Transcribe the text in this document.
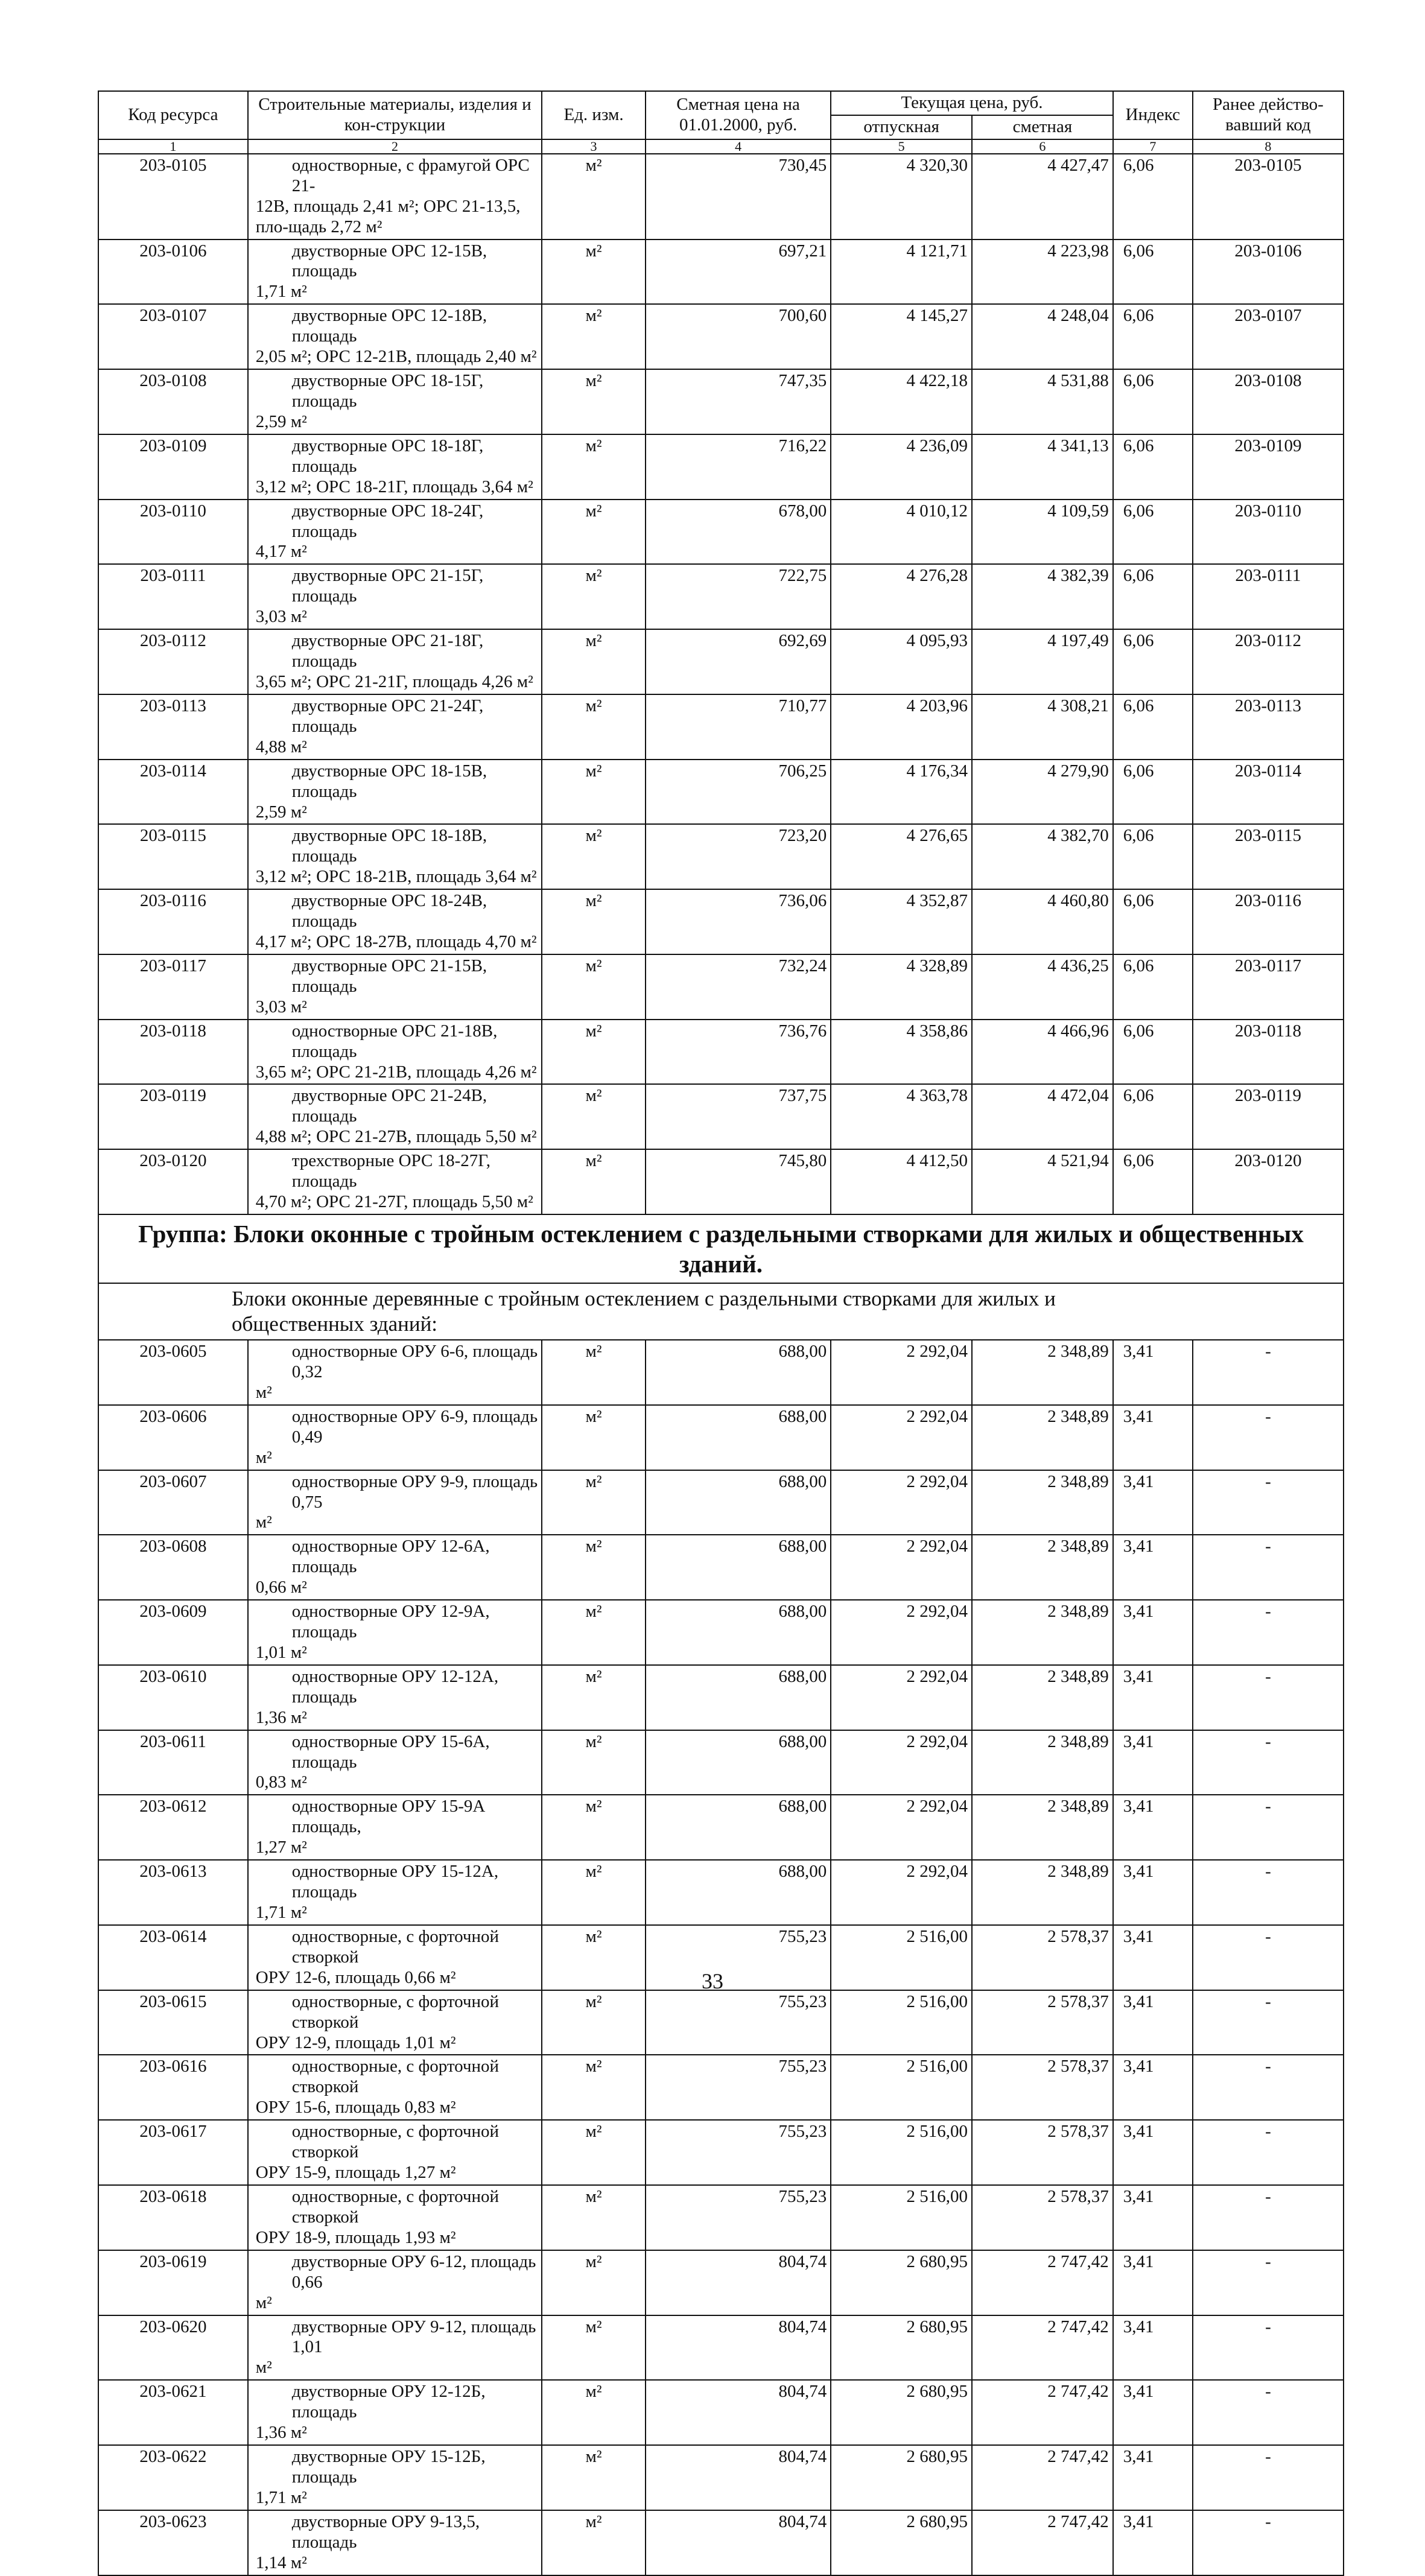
Код ресурса	Строительные материалы, изделия и кон-струкции	Ед. изм.	Сметная цена на 01.01.2000, руб.	Текущая цена, руб.		Индекс	Ранее действо-вавший код
				отпускная	сметная		
1	2	3	4	5	6	7	8
203-0105	одностворные, с фрамугой ОРС 21-
12В, площадь 2,41 м²; ОРС 21-13,5, пло-щадь 2,72 м²	м²	730,45	4 320,30	4 427,47	6,06	203-0105
203-0106	двустворные ОРС 12-15В, площадь
1,71 м²	м²	697,21	4 121,71	4 223,98	6,06	203-0106
203-0107	двустворные ОРС 12-18В, площадь
2,05 м²; ОРС 12-21В, площадь 2,40 м²	м²	700,60	4 145,27	4 248,04	6,06	203-0107
203-0108	двустворные ОРС 18-15Г, площадь
2,59 м²	м²	747,35	4 422,18	4 531,88	6,06	203-0108
203-0109	двустворные ОРС 18-18Г, площадь
3,12 м²; ОРС 18-21Г, площадь 3,64 м²	м²	716,22	4 236,09	4 341,13	6,06	203-0109
203-0110	двустворные ОРС 18-24Г, площадь
4,17 м²	м²	678,00	4 010,12	4 109,59	6,06	203-0110
203-0111	двустворные ОРС 21-15Г, площадь
3,03 м²	м²	722,75	4 276,28	4 382,39	6,06	203-0111
203-0112	двустворные ОРС 21-18Г, площадь
3,65 м²; ОРС 21-21Г, площадь 4,26 м²	м²	692,69	4 095,93	4 197,49	6,06	203-0112
203-0113	двустворные ОРС 21-24Г, площадь
4,88 м²	м²	710,77	4 203,96	4 308,21	6,06	203-0113
203-0114	двустворные ОРС 18-15В, площадь
2,59 м²	м²	706,25	4 176,34	4 279,90	6,06	203-0114
203-0115	двустворные ОРС 18-18В, площадь
3,12 м²; ОРС 18-21В, площадь 3,64 м²	м²	723,20	4 276,65	4 382,70	6,06	203-0115
203-0116	двустворные ОРС 18-24В, площадь
4,17 м²; ОРС 18-27В, площадь 4,70 м²	м²	736,06	4 352,87	4 460,80	6,06	203-0116
203-0117	двустворные ОРС 21-15В, площадь
3,03 м²	м²	732,24	4 328,89	4 436,25	6,06	203-0117
203-0118	одностворные ОРС 21-18В, площадь
3,65 м²; ОРС 21-21В, площадь 4,26 м²	м²	736,76	4 358,86	4 466,96	6,06	203-0118
203-0119	двустворные ОРС 21-24В, площадь
4,88 м²; ОРС 21-27В, площадь 5,50 м²	м²	737,75	4 363,78	4 472,04	6,06	203-0119
203-0120	трехстворные ОРС 18-27Г, площадь
4,70 м²; ОРС 21-27Г, площадь 5,50 м²	м²	745,80	4 412,50	4 521,94	6,06	203-0120
Группа: Блоки оконные с тройным остеклением с раздельными створками для жилых и общественных зданий.							

Блоки оконные деревянные с тройным остеклением с раздельными створками для жилых и
общественных зданий:							

203-0605	одностворные ОРУ 6-6, площадь 0,32
м²	м²	688,00	2 292,04	2 348,89	3,41	-
203-0606	одностворные ОРУ 6-9, площадь 0,49
м²	м²	688,00	2 292,04	2 348,89	3,41	-
203-0607	одностворные ОРУ 9-9, площадь 0,75
м²	м²	688,00	2 292,04	2 348,89	3,41	-
203-0608	одностворные ОРУ 12-6А, площадь
0,66 м²	м²	688,00	2 292,04	2 348,89	3,41	-
203-0609	одностворные ОРУ 12-9А, площадь
1,01 м²	м²	688,00	2 292,04	2 348,89	3,41	-
203-0610	одностворные ОРУ 12-12А, площадь
1,36 м²	м²	688,00	2 292,04	2 348,89	3,41	-
203-0611	одностворные ОРУ 15-6А, площадь
0,83 м²	м²	688,00	2 292,04	2 348,89	3,41	-
203-0612	одностворные ОРУ 15-9А площадь,
1,27 м²	м²	688,00	2 292,04	2 348,89	3,41	-
203-0613	одностворные ОРУ 15-12А, площадь
1,71 м²	м²	688,00	2 292,04	2 348,89	3,41	-
203-0614	одностворные, с форточной створкой
ОРУ 12-6, площадь 0,66 м²	м²	755,23	2 516,00	2 578,37	3,41	-
203-0615	одностворные, с форточной створкой
ОРУ 12-9, площадь 1,01 м²	м²	755,23	2 516,00	2 578,37	3,41	-
203-0616	одностворные, с форточной створкой
ОРУ 15-6, площадь 0,83 м²	м²	755,23	2 516,00	2 578,37	3,41	-
203-0617	одностворные, с форточной створкой
ОРУ 15-9, площадь 1,27 м²	м²	755,23	2 516,00	2 578,37	3,41	-
203-0618	одностворные, с форточной створкой
ОРУ 18-9, площадь 1,93 м²	м²	755,23	2 516,00	2 578,37	3,41	-
203-0619	двустворные ОРУ 6-12, площадь 0,66
м²	м²	804,74	2 680,95	2 747,42	3,41	-
203-0620	двустворные ОРУ 9-12, площадь 1,01
м²	м²	804,74	2 680,95	2 747,42	3,41	-
203-0621	двустворные ОРУ 12-12Б, площадь
1,36 м²	м²	804,74	2 680,95	2 747,42	3,41	-
203-0622	двустворные ОРУ 15-12Б, площадь
1,71 м²	м²	804,74	2 680,95	2 747,42	3,41	-
203-0623	двустворные ОРУ 9-13,5, площадь
1,14 м²	м²	804,74	2 680,95	2 747,42	3,41	-
33
